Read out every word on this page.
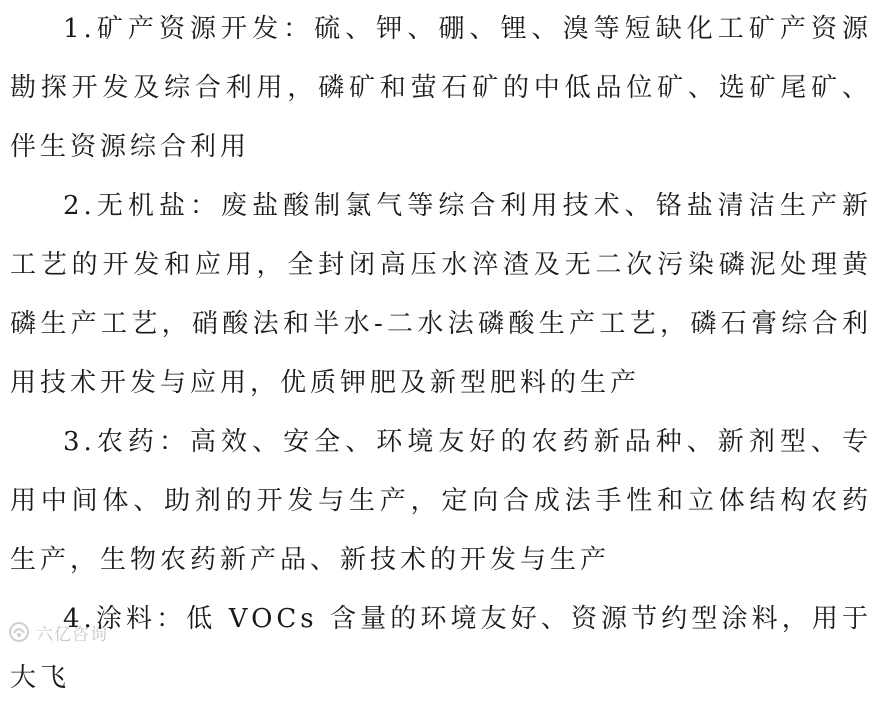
1.矿产资源开发：硫、钾、硼、锂、溴等短缺化工矿产资源勘探开发及综合利用，磷矿和萤石矿的中低品位矿、选矿尾矿、伴生资源综合利用

2.无机盐：废盐酸制氯气等综合利用技术、铬盐清洁生产新工艺的开发和应用，全封闭高压水淬渣及无二次污染磷泥处理黄磷生产工艺，硝酸法和半水-二水法磷酸生产工艺，磷石膏综合利用技术开发与应用，优质钾肥及新型肥料的生产

3.农药：高效、安全、环境友好的农药新品种、新剂型、专用中间体、助剂的开发与生产，定向合成法手性和立体结构农药生产，生物农药新产品、新技术的开发与生产

4.涂料：低 VOCs 含量的环境友好、资源节约型涂料，用于大飞

六亿咨询
